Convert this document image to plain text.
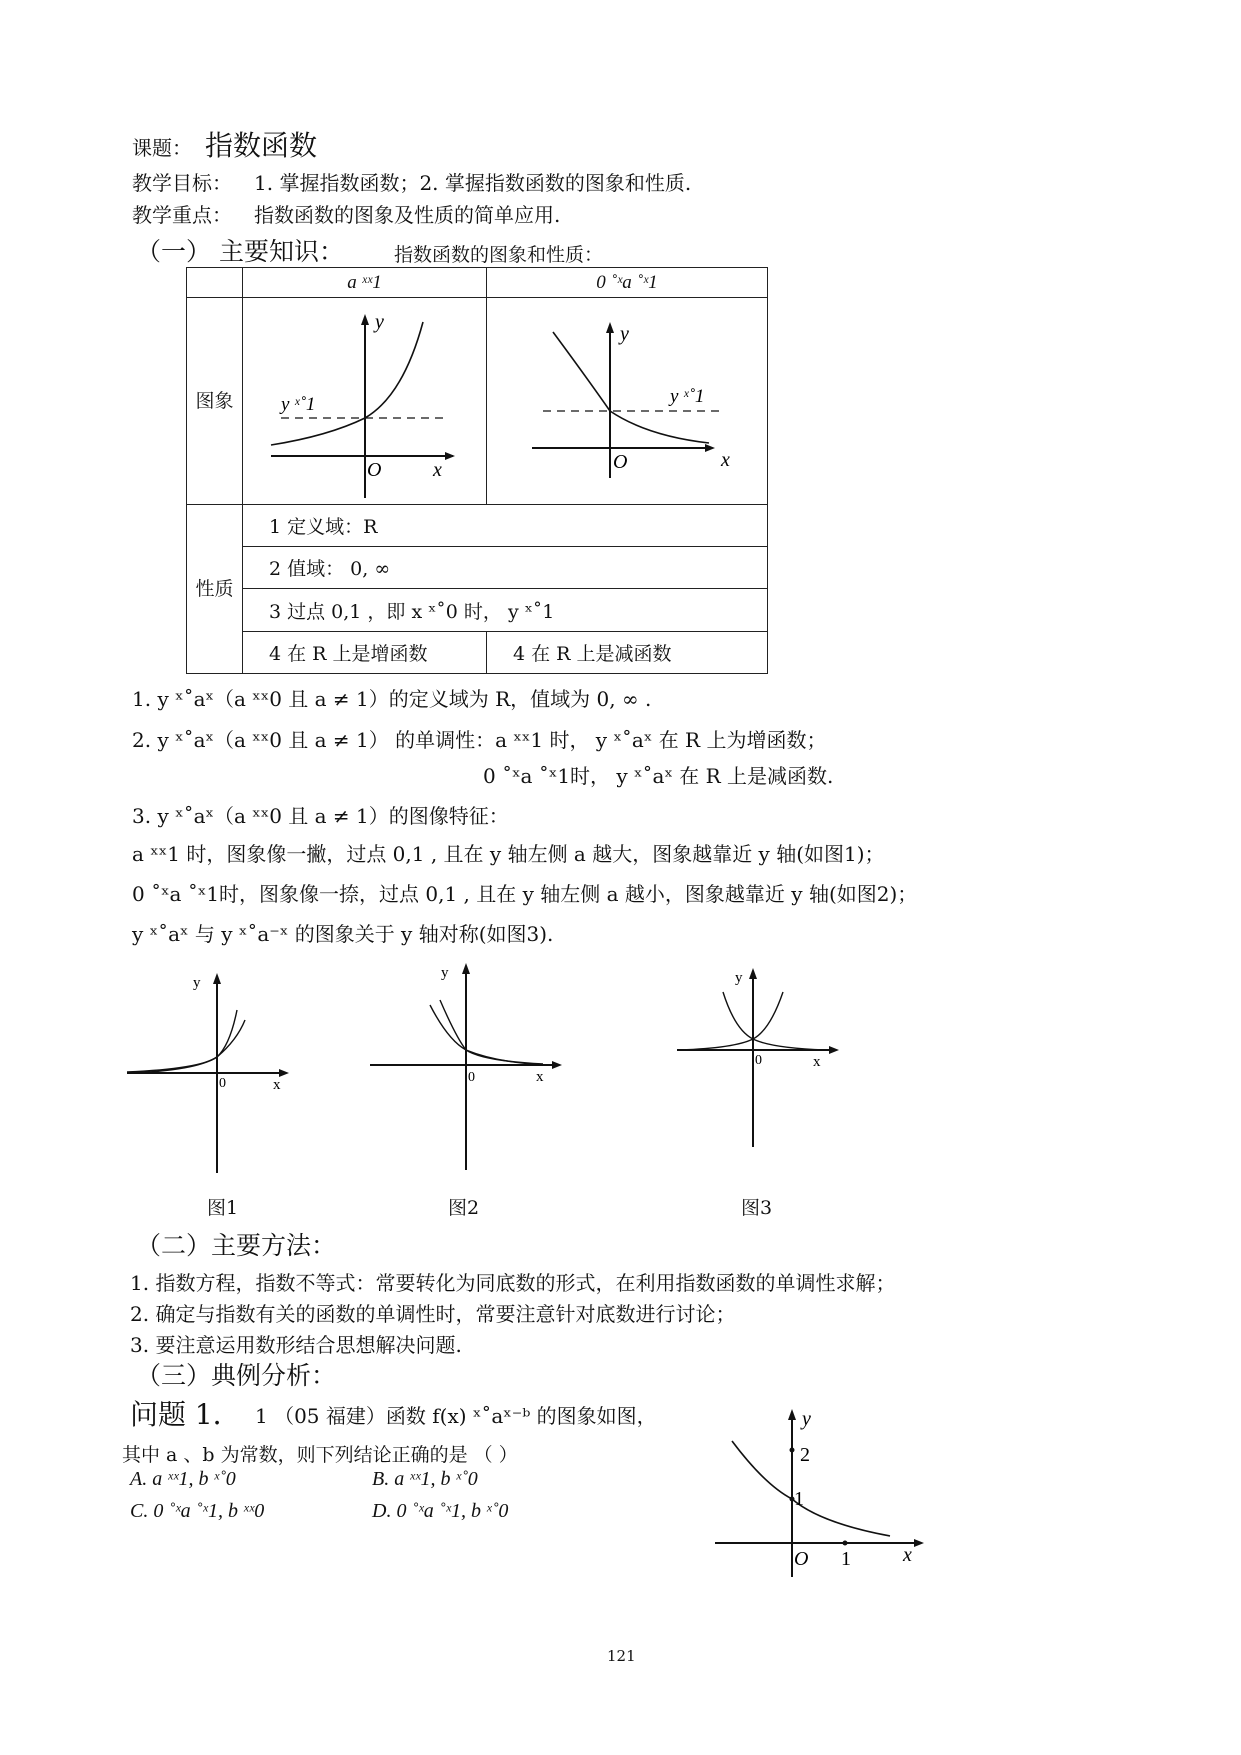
课题： 指数函数
教学目标： 1. 掌握指数函数；2. 掌握指数函数的图象和性质.
教学重点： 指数函数的图象及性质的简单应用.
（一） 主要知识：	指数函数的图象和性质：
	a ˣˣ1	0 ˚ˣa ˚ˣ1
图象	y
y ˣ˚1
O x	y
y ˣ˚1
O x

性质	1 定义域：R	
	2 值域： 0, ∞	
	3 过点 0,1 ，即 x ˣ˚0 时， y ˣ˚1	
	4 在 R 上是增函数	4 在 R 上是减函数
1. y ˣ˚aˣ（a ˣˣ0 且 a ≠ 1）的定义域为 R，值域为 0, ∞ .
2. y ˣ˚aˣ（a ˣˣ0 且 a ≠ 1） 的单调性：a ˣˣ1 时， y ˣ˚aˣ 在 R 上为增函数；
0 ˚ˣa ˚ˣ1时， y ˣ˚aˣ 在 R 上是减函数.
3. y ˣ˚aˣ（a ˣˣ0 且 a ≠ 1）的图像特征：
a ˣˣ1 时，图象像一撇，过点 0,1 , 且在 y 轴左侧 a 越大，图象越靠近 y 轴(如图1)；
0 ˚ˣa ˚ˣ1时，图象像一捺，过点 0,1 , 且在 y 轴左侧 a 越小，图象越靠近 y 轴(如图2)；
y ˣ˚aˣ 与 y ˣ˚a⁻ˣ 的图象关于 y 轴对称(如图3).
y
0	x
y
0	x
y
0	x
图1	图2	图3
（二）主要方法：
1. 指数方程，指数不等式：常要转化为同底数的形式，在利用指数函数的单调性求解；
2. 确定与指数有关的函数的单调性时，常要注意针对底数进行讨论；
3. 要注意运用数形结合思想解决问题.
（三）典例分析：
问题 1． 1 （05 福建）函数 f(x) ˣ˚aˣ⁻ᵇ 的图象如图，
其中 a 、b 为常数，则下列结论正确的是 （ ）
A. a ˣˣ1, b ˣ˚0	B. a ˣˣ1, b ˣ˚0
C. 0 ˚ˣa ˚ˣ1, b ˣˣ0	D. 0 ˚ˣa ˚ˣ1, b ˣ˚0
y
2
1
O 1	x
121
